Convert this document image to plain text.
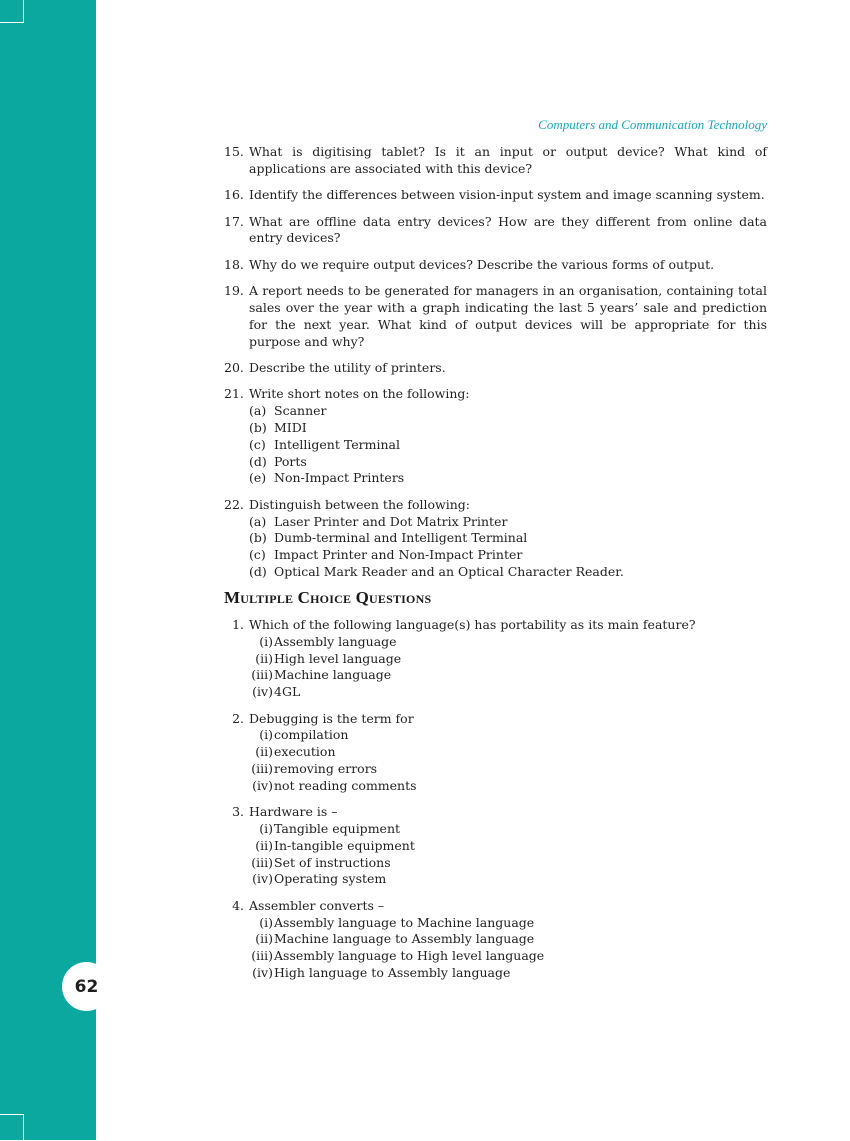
62
Computers and Communication Technology
15. What is digitising tablet? Is it an input or output device? What kind of applications are associated with this device?
16. Identify the differences between vision-input system and image scanning system.
17. What are offline data entry devices? How are they different from online data entry devices?
18. Why do we require output devices? Describe the various forms of output.
19. A report needs to be generated for managers in an organisation, containing total sales over the year with a graph indicating the last 5 years’ sale and prediction for the next year. What kind of output devices will be appropriate for this purpose and why?
20. Describe the utility of printers.
21. Write short notes on the following:
(a) Scanner
(b) MIDI
(c) Intelligent Terminal
(d) Ports
(e) Non-Impact Printers
22. Distinguish between the following:
(a) Laser Printer and Dot Matrix Printer
(b) Dumb-terminal and Intelligent Terminal
(c) Impact Printer and Non-Impact Printer
(d) Optical Mark Reader and an Optical Character Reader.
Multiple Choice Questions
1. Which of the following language(s) has portability as its main feature?
(i) Assembly language
(ii) High level language
(iii) Machine language
(iv) 4GL
2. Debugging is the term for
(i) compilation
(ii) execution
(iii) removing errors
(iv) not reading comments
3. Hardware is –
(i) Tangible equipment
(ii) In-tangible equipment
(iii) Set of instructions
(iv) Operating system
4. Assembler converts –
(i) Assembly language to Machine language
(ii) Machine language to Assembly language
(iii) Assembly language to High level language
(iv) High language to Assembly language
